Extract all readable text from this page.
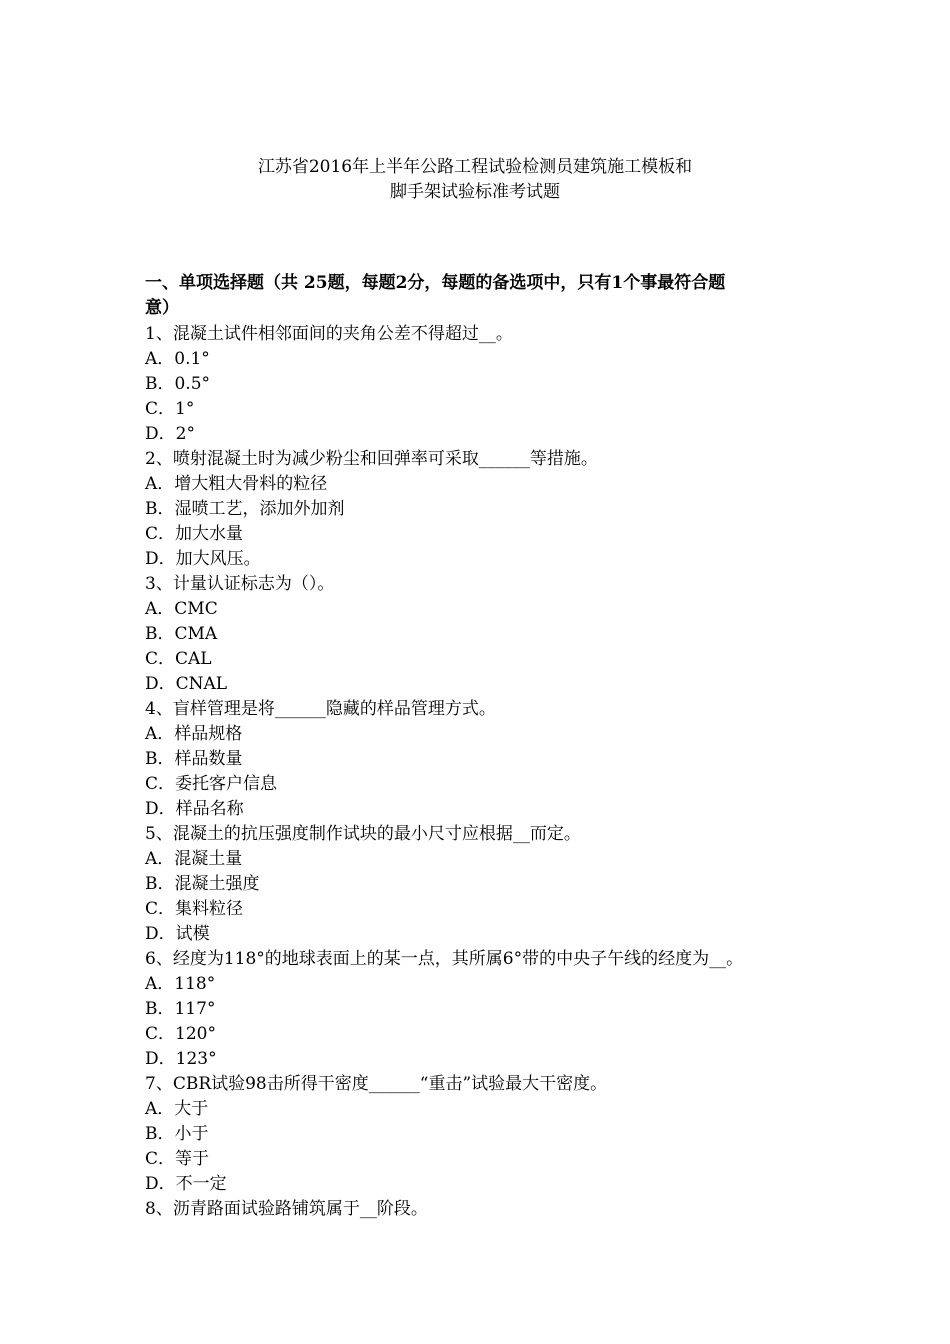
江苏省2016年上半年公路工程试验检测员建筑施工模板和
脚手架试验标准考试题
一、单项选择题（共 25题，每题2分，每题的备选项中，只有1个事最符合题
意）
1、混凝土试件相邻面间的夹角公差不得超过__。
A．0.1°
B．0.5°
C．1°
D．2°
2、喷射混凝土时为减少粉尘和回弹率可采取______等措施。
A．增大粗大骨料的粒径
B．湿喷工艺，添加外加剂
C．加大水量
D．加大风压。
3、计量认证标志为（）。
A．CMC
B．CMA
C．CAL
D．CNAL
4、盲样管理是将______隐藏的样品管理方式。
A．样品规格
B．样品数量
C．委托客户信息
D．样品名称
5、混凝土的抗压强度制作试块的最小尺寸应根据__而定。
A．混凝土量
B．混凝土强度
C．集料粒径
D．试模
6、经度为118°的地球表面上的某一点，其所属6°带的中央子午线的经度为__。
A．118°
B．117°
C．120°
D．123°
7、CBR试验98击所得干密度______“重击”试验最大干密度。
A．大于
B．小于
C．等于
D．不一定
8、沥青路面试验路铺筑属于__阶段。
